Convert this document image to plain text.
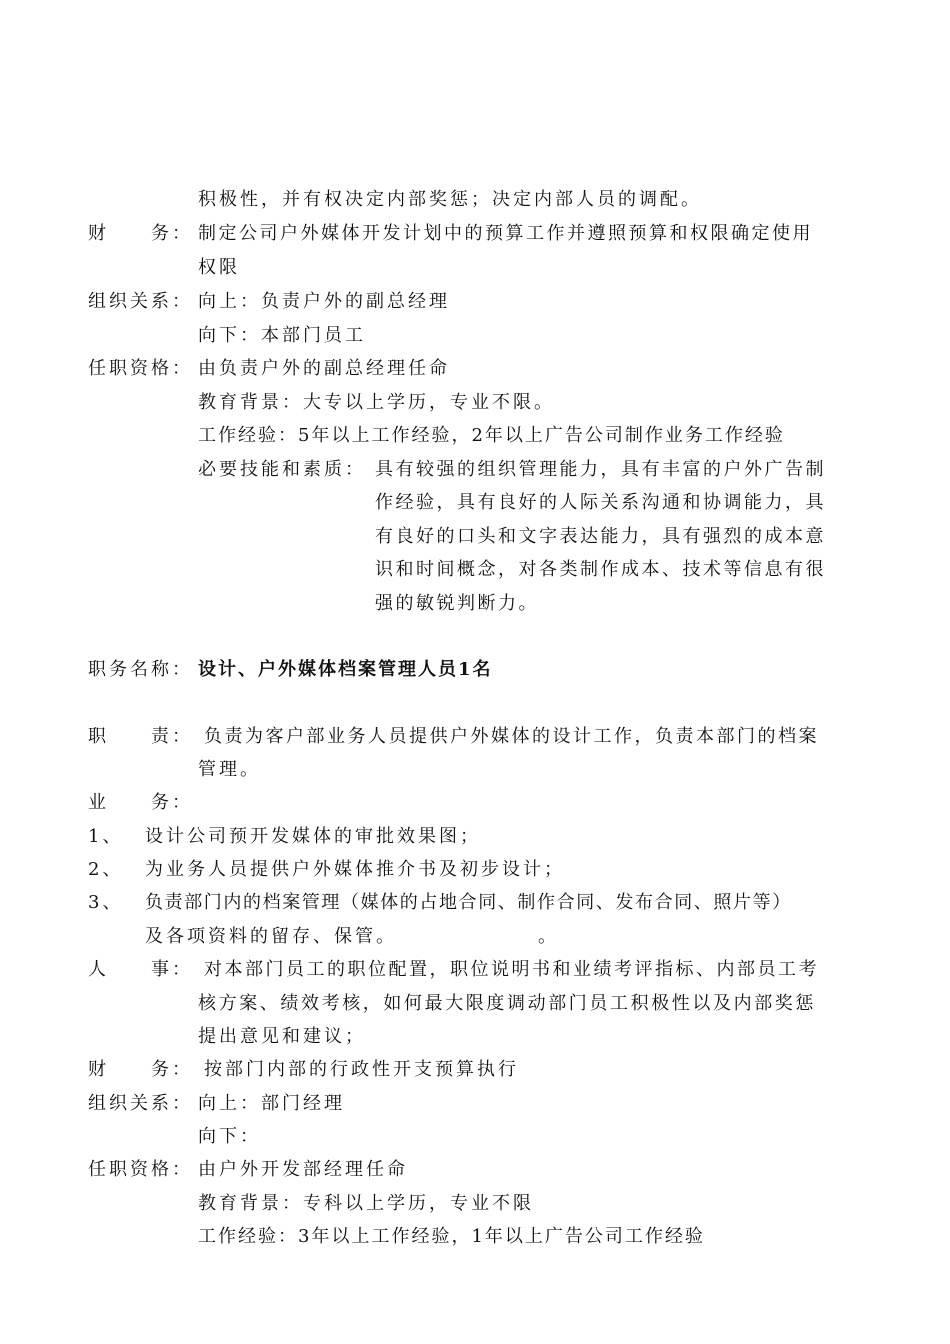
积极性，并有权决定内部奖惩；决定内部人员的调配。
财　　务： 制定公司户外媒体开发计划中的预算工作并遵照预算和权限确定使用
权限
组织关系： 向上：负责户外的副总经理
向下：本部门员工
任职资格： 由负责户外的副总经理任命
教育背景：大专以上学历，专业不限。
工作经验：5年以上工作经验，2年以上广告公司制作业务工作经验
必要技能和素质： 具有较强的组织管理能力，具有丰富的户外广告制
作经验，具有良好的人际关系沟通和协调能力，具
有良好的口头和文字表达能力，具有强烈的成本意
识和时间概念，对各类制作成本、技术等信息有很
强的敏锐判断力。
职务名称： 设计、户外媒体档案管理人员1名
职　　责： 负责为客户部业务人员提供户外媒体的设计工作，负责本部门的档案
管理。
业　　务：
1、 设计公司预开发媒体的审批效果图；
2、 为业务人员提供户外媒体推介书及初步设计；
3、 负责部门内的档案管理（媒体的占地合同、制作合同、发布合同、照片等）
及各项资料的留存、保管。	。
人　　事： 对本部门员工的职位配置，职位说明书和业绩考评指标、内部员工考
核方案、绩效考核，如何最大限度调动部门员工积极性以及内部奖惩
提出意见和建议；
财　　务： 按部门内部的行政性开支预算执行
组织关系： 向上：部门经理
向下：
任职资格： 由户外开发部经理任命
教育背景：专科以上学历，专业不限
工作经验：3年以上工作经验，1年以上广告公司工作经验
